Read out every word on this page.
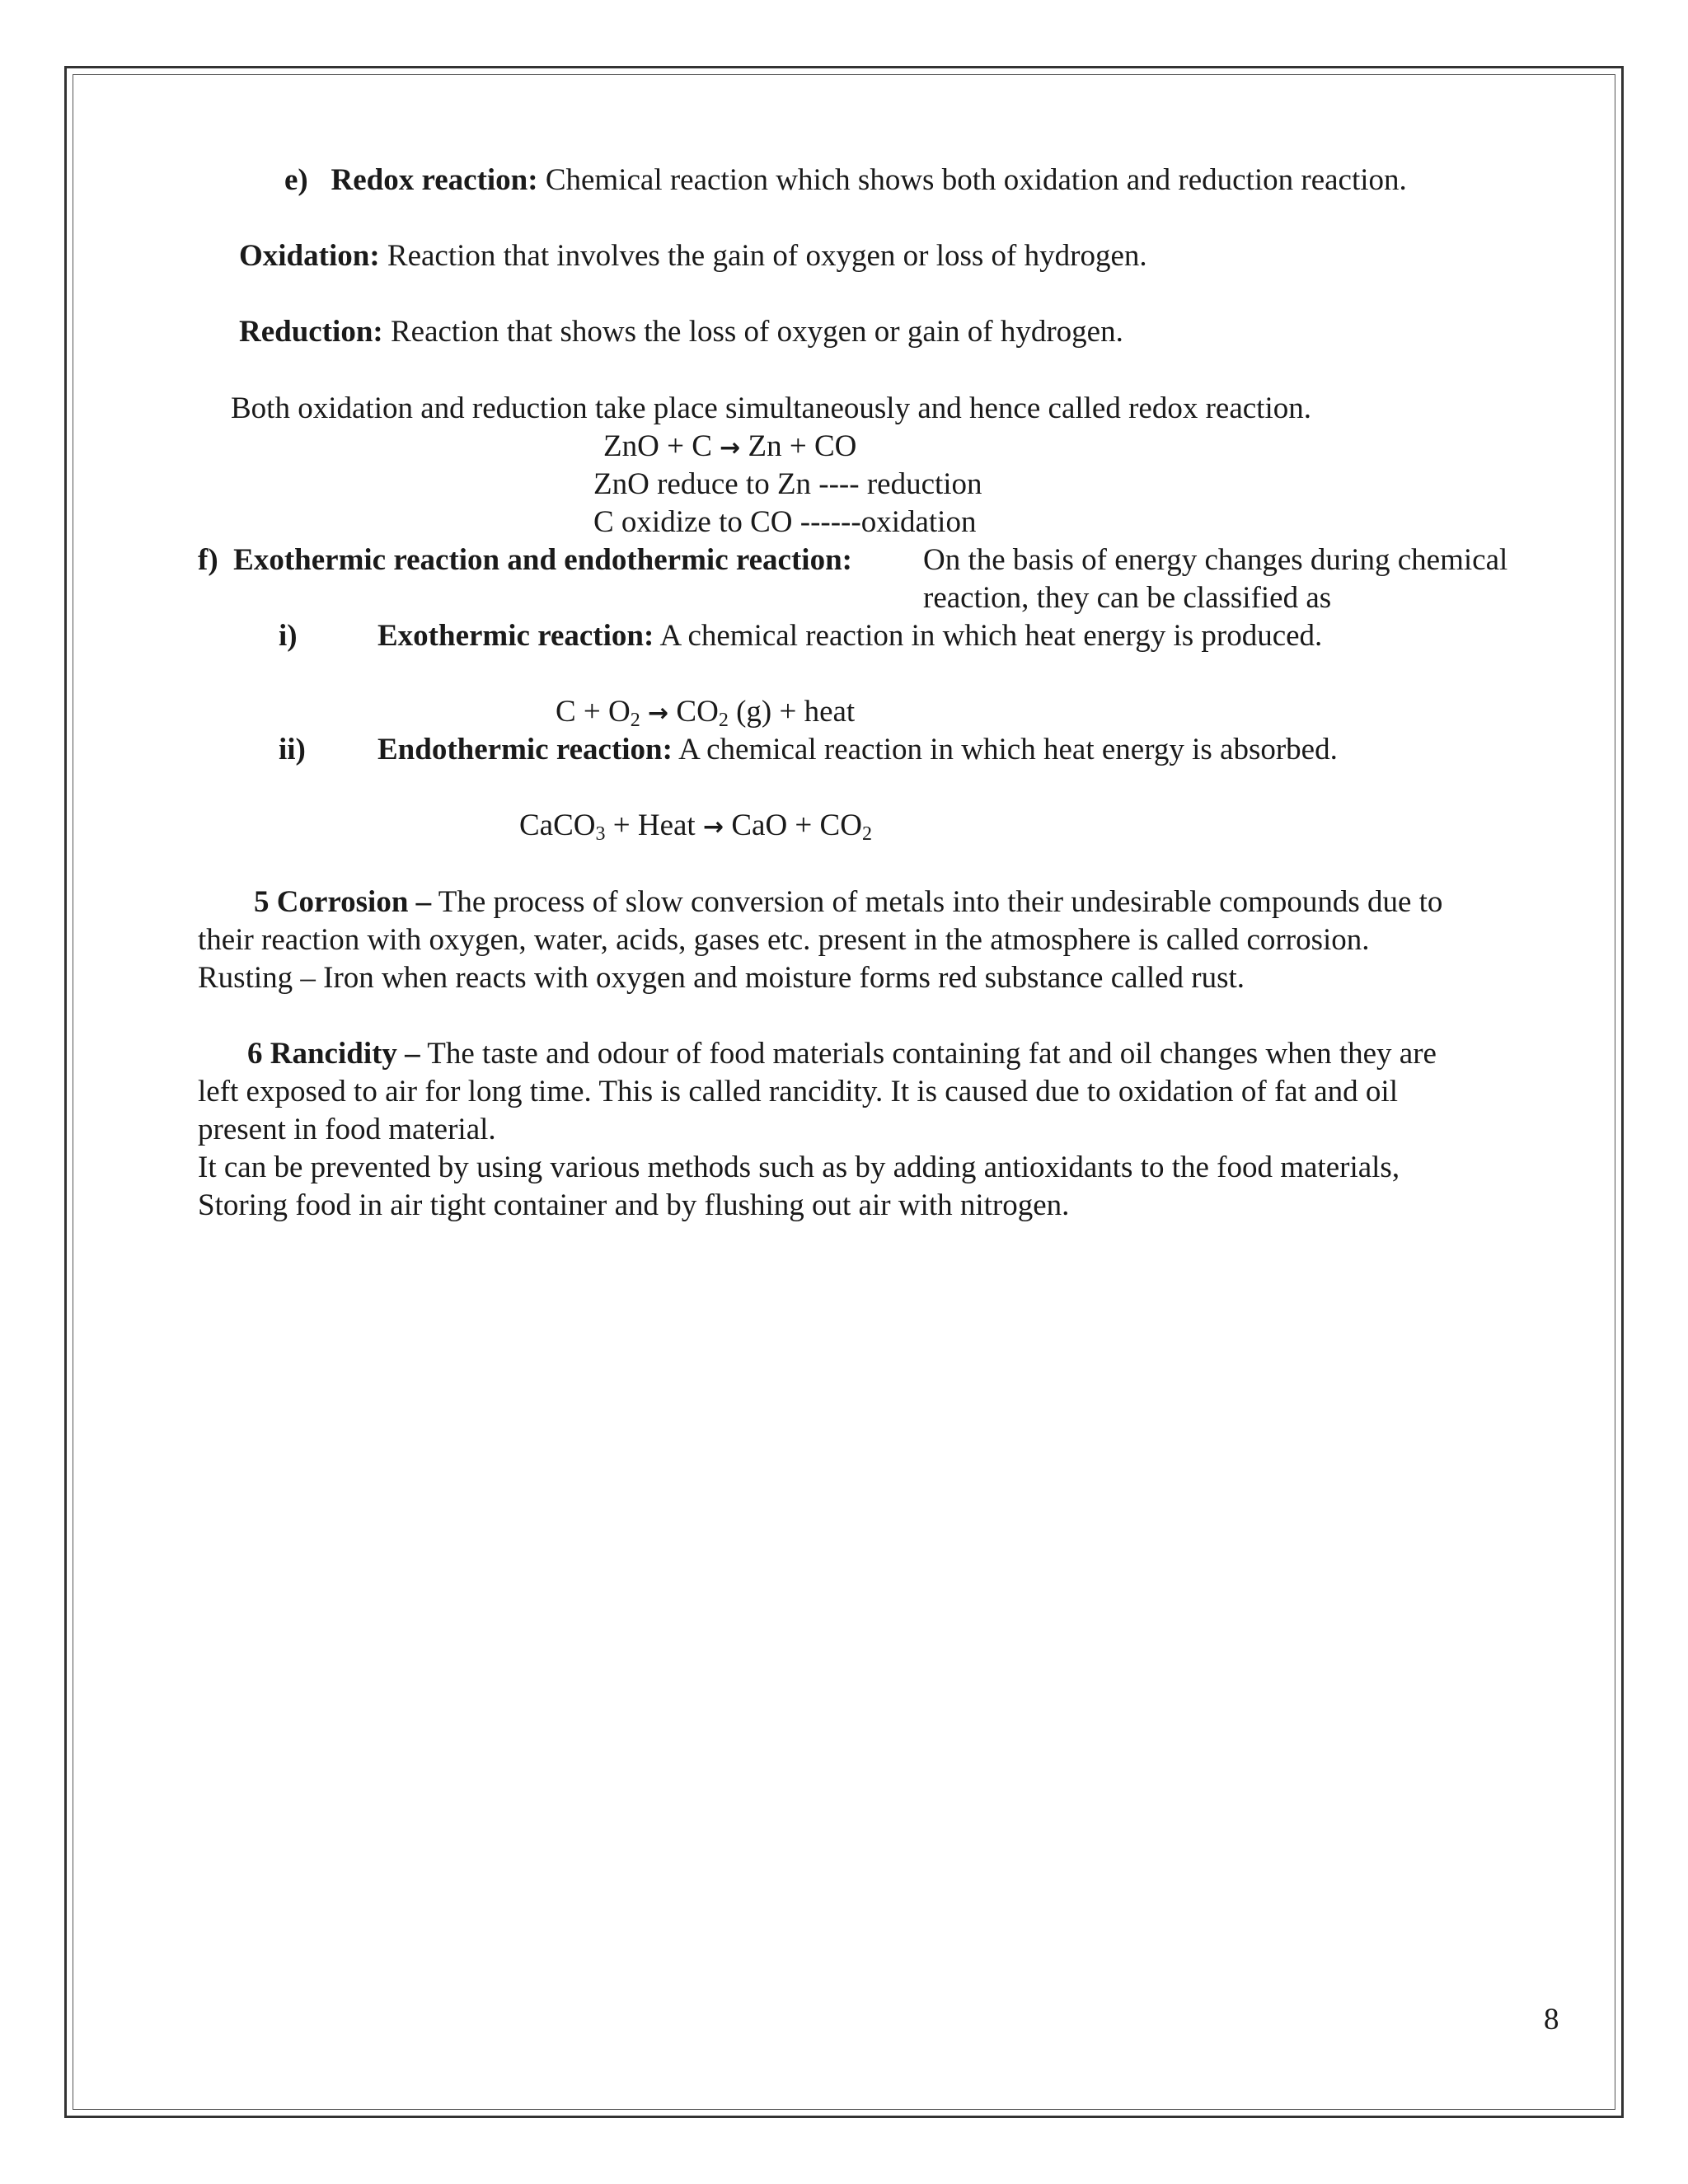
e) Redox reaction: Chemical reaction which shows both oxidation and reduction reaction.
Oxidation: Reaction that involves the gain of oxygen or loss of hydrogen.
Reduction: Reaction that shows the loss of oxygen or gain of hydrogen.
Both oxidation and reduction take place simultaneously and hence called redox reaction.
ZnO + C → Zn + CO
ZnO reduce to Zn ---- reduction
C oxidize to CO ------oxidation
f) Exothermic reaction and endothermic reaction: On the basis of energy changes during chemical
reaction, they can be classified as
i)	Exothermic reaction: A chemical reaction in which heat energy is produced.
$C + O_2 \to CO_2$ (g) + heat
ii) Endothermic reaction: A chemical reaction in which heat energy is absorbed.
CaCO$_3$ + Heat → CaO + $CO_2$
5 Corrosion – The process of slow conversion of metals into their undesirable compounds due to
their reaction with oxygen, water, acids, gases etc. present in the atmosphere is called corrosion.
Rusting – Iron when reacts with oxygen and moisture forms red substance called rust.
6 Rancidity – The taste and odour of food materials containing fat and oil changes when they are
left exposed to air for long time. This is called rancidity. It is caused due to oxidation of fat and oil
present in food material.
It can be prevented by using various methods such as by adding antioxidants to the food materials,
Storing food in air tight container and by flushing out air with nitrogen.
8
